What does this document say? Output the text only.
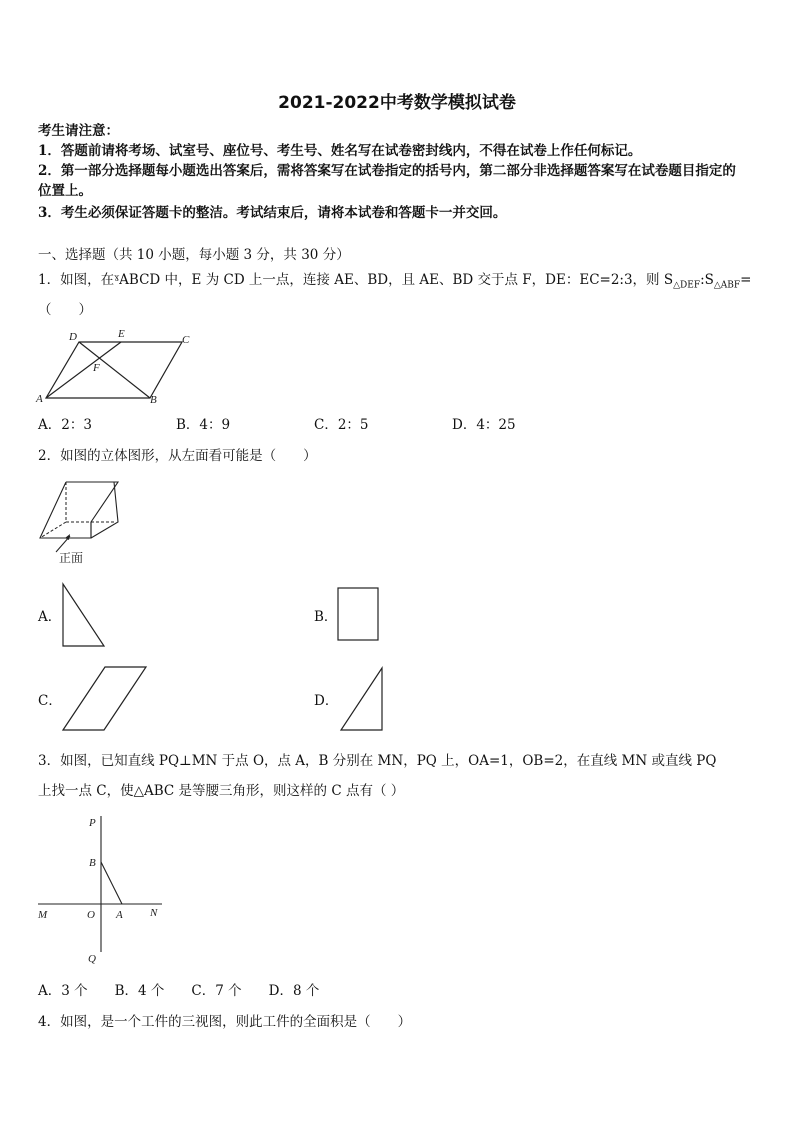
2021-2022中考数学模拟试卷
考生请注意：
1．答题前请将考场、试室号、座位号、考生号、姓名写在试卷密封线内，不得在试卷上作任何标记。
2．第一部分选择题每小题选出答案后，需将答案写在试卷指定的括号内，第二部分非选择题答案写在试卷题目指定的
位置上。
3．考生必须保证答题卡的整洁。考试结束后，请将本试卷和答题卡一并交回。
一、选择题（共 10 小题，每小题 3 分，共 30 分）
1．如图，在ˠABCD 中，E 为 CD 上一点，连接 AE、BD，且 AE、BD 交于点 F，DE：EC=2:3，则 $S_{\triangle DEF}:S_{\triangle ABF}=$
（　　）
D	E	C
F
A	B
A．2：3	B．4：9	C．2：5	D．4：25
2．如图的立体图形，从左面看可能是（　　）
正面
A．	B．
C．	D．
3．如图，已知直线 PQ⊥MN 于点 O，点 A，B 分别在 MN，PQ 上，OA=1，OB=2，在直线 MN 或直线 PQ
上找一点 C，使△ABC 是等腰三角形，则这样的 C 点有（ ）
P
B
M	O A N
Q
A．3 个　　B．4 个　　C．7 个　　D．8 个
4．如图，是一个工件的三视图，则此工件的全面积是（　　）
